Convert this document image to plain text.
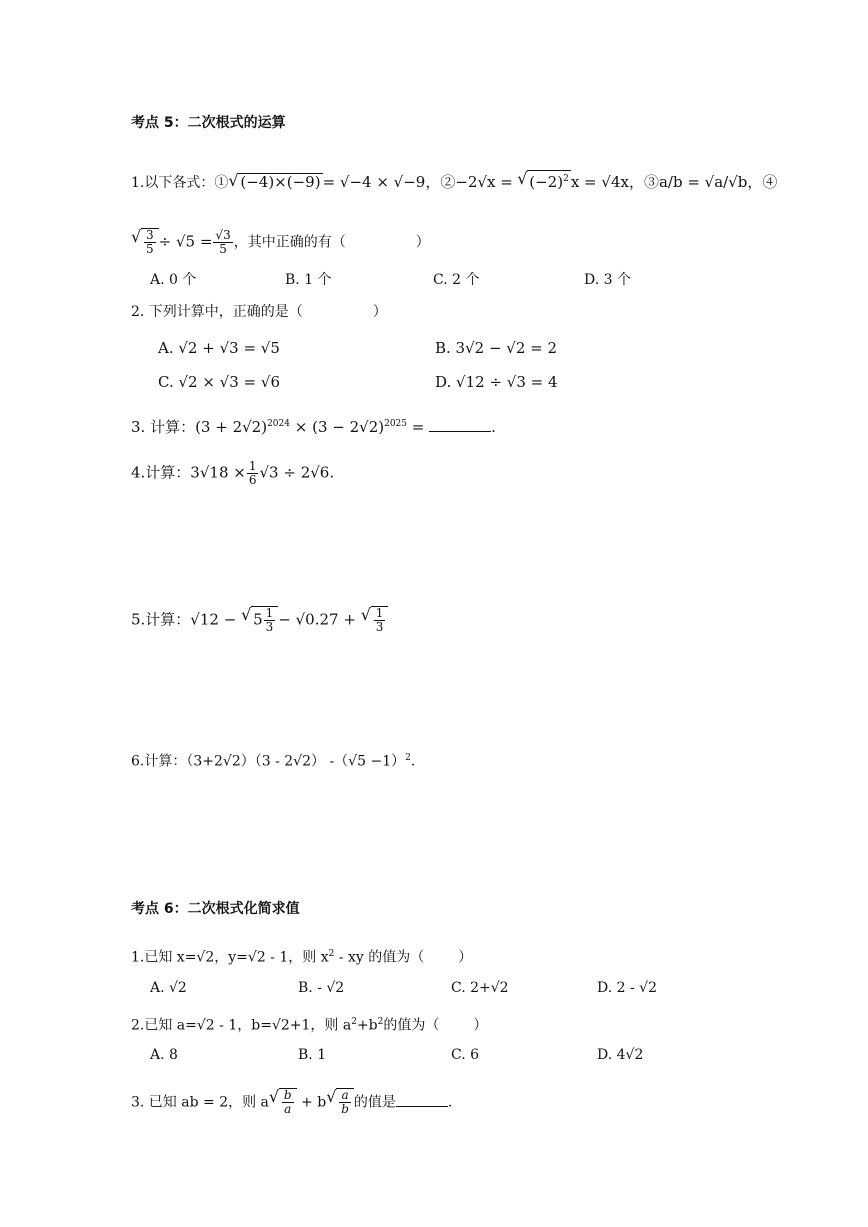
考点 5：二次根式的运算
1.以下各式：① √ (−4)×(−9) = √−4 × √−9，②−2√x = √ $(-2)^2$ x = √4x，③a/b = √a/√b，④
√ $\frac{3}{5} \div √5 = \frac{√3}{5}$ ，其中正确的有（	）
A. 0 个	B. 1 个	C. 2 个	D. 3 个
2. 下列计算中，正确的是（	）
A. √2 + √3 = √5	B. 3√2 − √2 = 2
C. √2 × √3 = √6	D. √12 ÷ √3 = 4
3. 计算：$(3 + 2√2)^{2024} \times (3 - 2√2)^{2025}$ =	.
4.计算：$3√18 \times \frac{1}{6} √3 \div 2√6$.
5.计算：√12 − √ $5 \frac{1}{3} - √0.27$ + √ $\frac{1}{3}$
6.计算：（3+2√2）（3 - 2√2） $-(√5 -1)^2$.
考点 6：二次根式化简求值
1.已知 x=√2，y=√2 - 1，则 $x^2$ - xy 的值为（ ）
A. √2	B. - √2	C. 2+√2	D. 2 - √2
2.已知 a=√2 - 1，b=√2+1，则 $a^2+b^2$的值为（ ）
A. 8	B. 1	C. 6	D. 4√2
3. 已知 ab = 2，则 a √ $\frac{b}{a} + b$ √ $\frac{a}{b}$ 的值是	.
